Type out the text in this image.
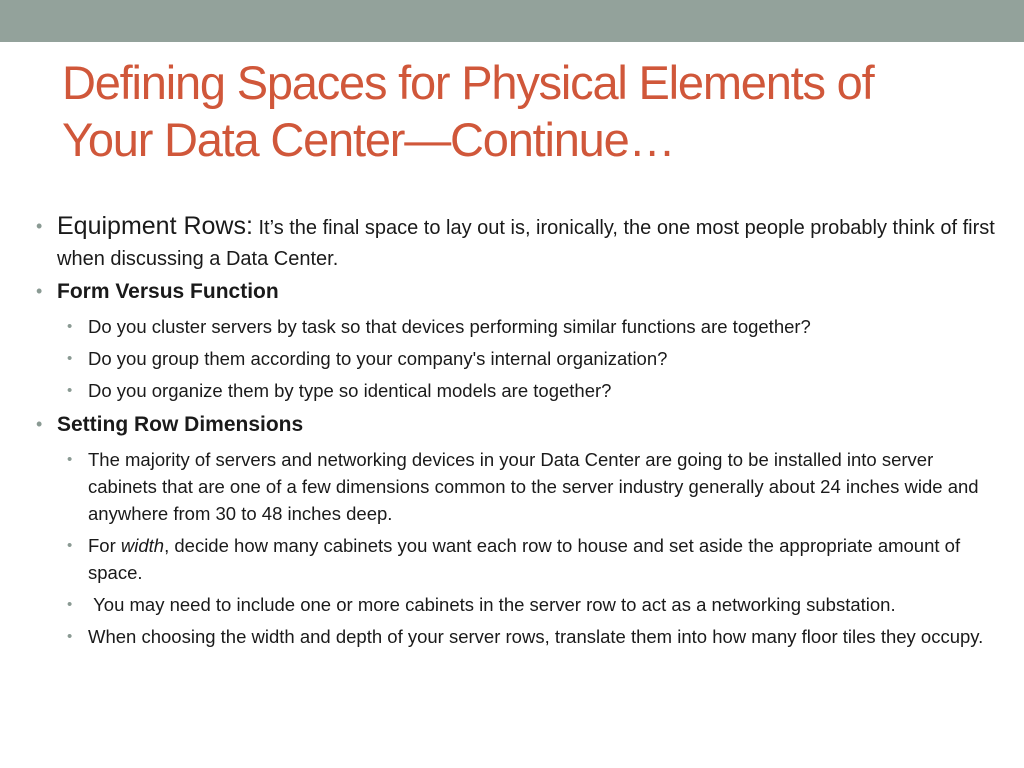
Defining Spaces for Physical Elements of
Your Data Center—Continue…
• Equipment Rows: It’s the final space to lay out is, ironically, the one most people probably think of first when discussing a Data Center.
• Form Versus Function
• Do you cluster servers by task so that devices performing similar functions are together?
• Do you group them according to your company's internal organization?
• Do you organize them by type so identical models are together?
• Setting Row Dimensions
• The majority of servers and networking devices in your Data Center are going to be installed into server cabinets that are one of a few dimensions common to the server industry generally about 24 inches wide and anywhere from 30 to 48 inches deep.
• For width, decide how many cabinets you want each row to house and set aside the appropriate amount of space.
• You may need to include one or more cabinets in the server row to act as a networking substation.
• When choosing the width and depth of your server rows, translate them into how many floor tiles they occupy.
